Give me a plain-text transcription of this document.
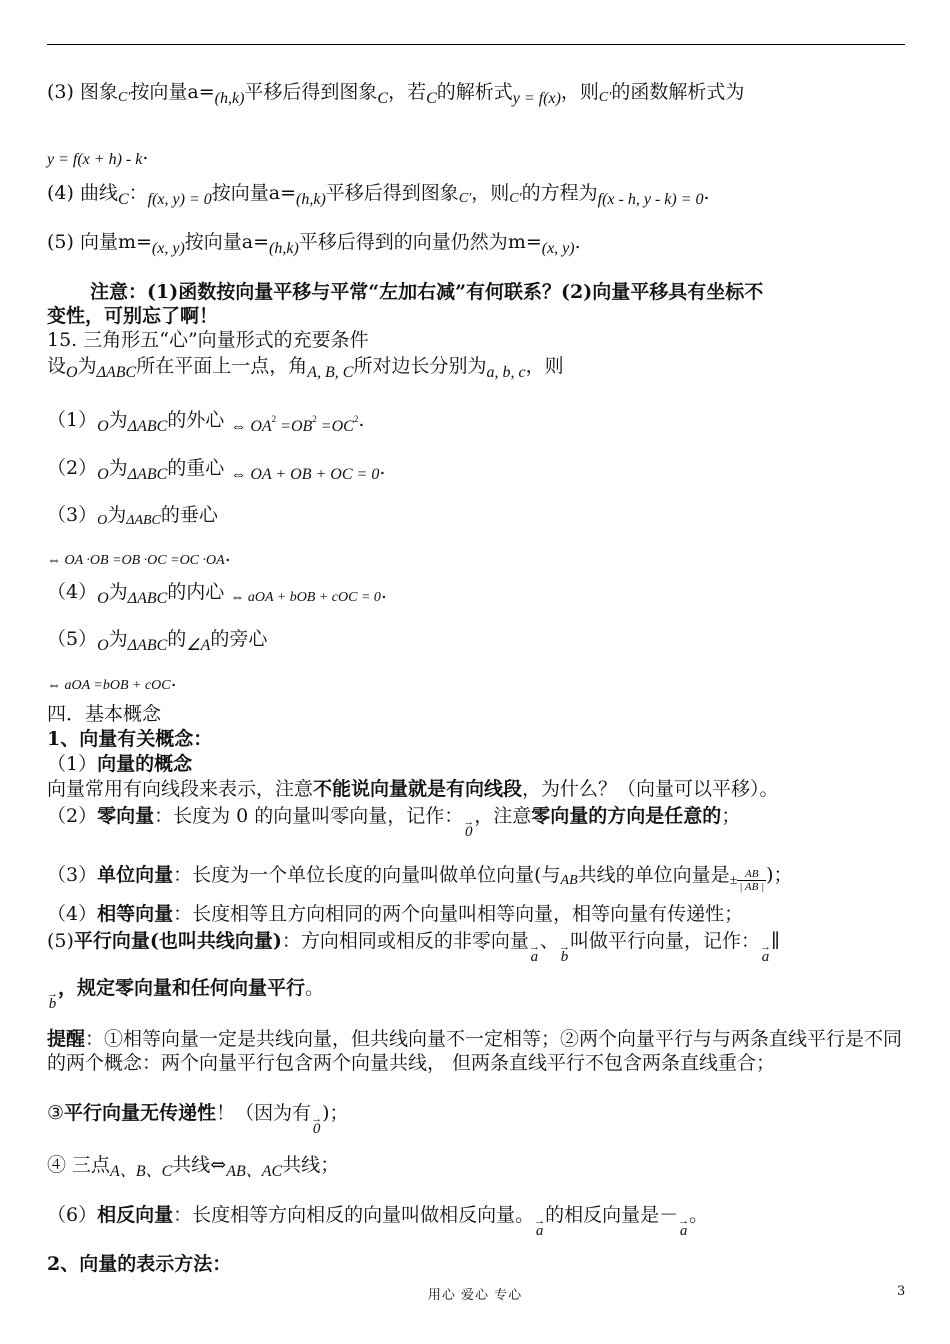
(3) 图象C′按向量$a=_{(h,k)}$平移后得到图象$_C$，若$_C$的解析式$_{y = f(x)}$，则C′的函数解析式为
$_{y = f(x + h) - k}$.
(4) 曲线$_C$：$_{f(x, y) = 0}$按向量$a=_{(h,k)}$平移后得到图象C′，则C′的方程为$_{f(x - h, y - k) = 0}$.
(5) 向量$m=_{(x, y)}$按向量$a=_{(h,k)}$平移后得到的向量仍然为$m=_{(x, y)}$.
注意：(1)函数按向量平移与平常“左加右减”有何联系？(2)向量平移具有坐标不
变性，可别忘了啊！
15. 三角形五“心”向量形式的充要条件
设$_O$为$_{\Delta ABC}$所在平面上一点，角$_{A, B, C}$所对边长分别为$_{a, b, c}$，则
$(1)_O$为$_{\Delta ABC}$的外心 $_{\Leftrightarrow OA^2 =OB^2 =OC^2}$.
$(2)_O$为$_{\Delta ABC}$的重心 $_{\Leftrightarrow OA + OB + OC = 0}$.
（3）O为ΔABC的垂心
⇔ OA ·OB =OB ·OC =OC ·OA.
$(4)_O$为$_{\Delta ABC}$的内心 ⇔ aOA + bOB + cOC = 0.
$(5)_O$为$_{\Delta ABC}$的$_{\angle A}$的旁心
⇔ aOA =bOB + cOC.
四．基本概念
1、向量有关概念：
（1）向量的概念
向量常用有向线段来表示，注意不能说向量就是有向线段，为什么？（向量可以平移）。
（2）零向量：长度为 0 的向量叫零向量，记作： →
0，注意零向量的方向是任意的；
（3）单位向量：长度为一个单位长度的向量叫做单位向量(与AB共线的单位向量是± $\frac{AB}{| AB |}$ )；
（4）相等向量：长度相等且方向相同的两个向量叫相等向量，相等向量有传递性；
(5)平行向量(也叫共线向量)：方向相同或相反的非零向量 →
a、 →
b叫做平行向量，记作： →
a∥
→
b，规定零向量和任何向量平行。
提醒：①相等向量一定是共线向量，但共线向量不一定相等；②两个向量平行与与两条直线平行是不同的两个概念：两个向量平行包含两个向量共线， 但两条直线平行不包含两条直线重合；
③平行向量无传递性！（因为有 →
0)；
④ 三点$_{A、B、C}$共线$\Leftrightarrow_{AB、AC}$共线；
（6）相反向量：长度相等方向相反的向量叫做相反向量。 →
a的相反向量是－ →
a。
2、向量的表示方法：
用心 爱心 专心	3
